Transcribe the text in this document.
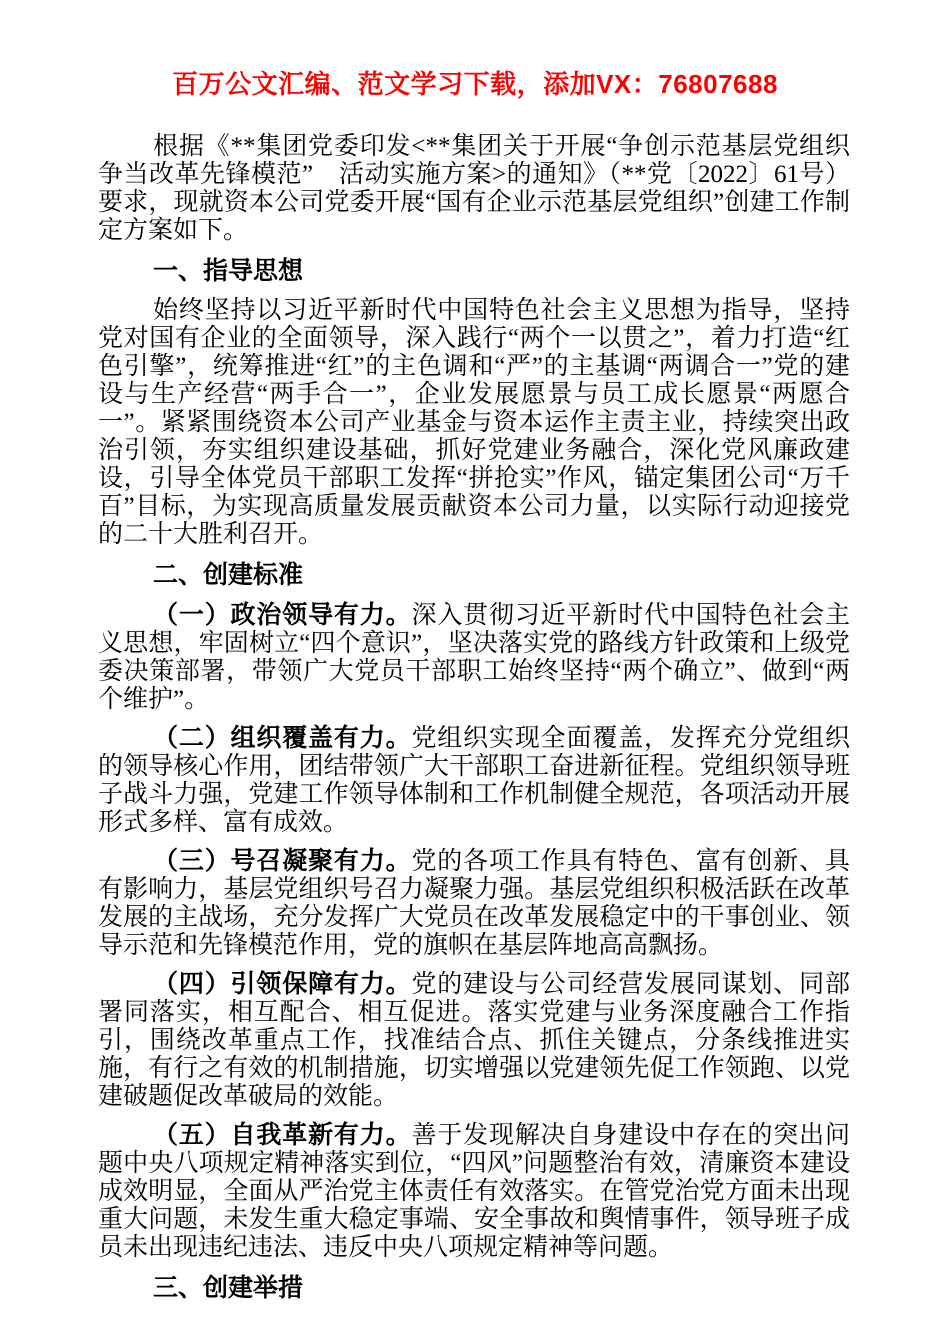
百万公文汇编、范文学习下载，添加VX：76807688

根据《**集团党委印发<**集团关于开展“争创示范基层党组织争当改革先锋模范”　活动实施方案>的通知》（**党〔2022〕61号）要求，现就资本公司党委开展“国有企业示范基层党组织”创建工作制定方案如下。

一、指导思想

始终坚持以习近平新时代中国特色社会主义思想为指导，坚持党对国有企业的全面领导，深入践行“两个一以贯之”，着力打造“红色引擎”，统筹推进“红”的主色调和“严”的主基调“两调合一”党的建设与生产经营“两手合一”，企业发展愿景与员工成长愿景“两愿合一”。紧紧围绕资本公司产业基金与资本运作主责主业，持续突出政治引领，夯实组织建设基础，抓好党建业务融合，深化党风廉政建设，引导全体党员干部职工发挥“拼抢实”作风，锚定集团公司“万千百”目标，为实现高质量发展贡献资本公司力量，以实际行动迎接党的二十大胜利召开。

二、创建标准

（一）政治领导有力。深入贯彻习近平新时代中国特色社会主义思想，牢固树立“四个意识”，坚决落实党的路线方针政策和上级党委决策部署，带领广大党员干部职工始终坚持“两个确立”、做到“两个维护”。

（二）组织覆盖有力。党组织实现全面覆盖，发挥充分党组织的领导核心作用，团结带领广大干部职工奋进新征程。党组织领导班子战斗力强，党建工作领导体制和工作机制健全规范，各项活动开展形式多样、富有成效。

（三）号召凝聚有力。党的各项工作具有特色、富有创新、具有影响力，基层党组织号召力凝聚力强。基层党组织积极活跃在改革发展的主战场，充分发挥广大党员在改革发展稳定中的干事创业、领导示范和先锋模范作用，党的旗帜在基层阵地高高飘扬。

（四）引领保障有力。党的建设与公司经营发展同谋划、同部署同落实，相互配合、相互促进。落实党建与业务深度融合工作指引，围绕改革重点工作，找准结合点、抓住关键点，分条线推进实施，有行之有效的机制措施，切实增强以党建领先促工作领跑、以党建破题促改革破局的效能。

（五）自我革新有力。善于发现解决自身建设中存在的突出问题中央八项规定精神落实到位，“四风”问题整治有效，清廉资本建设成效明显，全面从严治党主体责任有效落实。在管党治党方面未出现重大问题，未发生重大稳定事端、安全事故和舆情事件，领导班子成员未出现违纪违法、违反中央八项规定精神等问题。

三、创建举措
